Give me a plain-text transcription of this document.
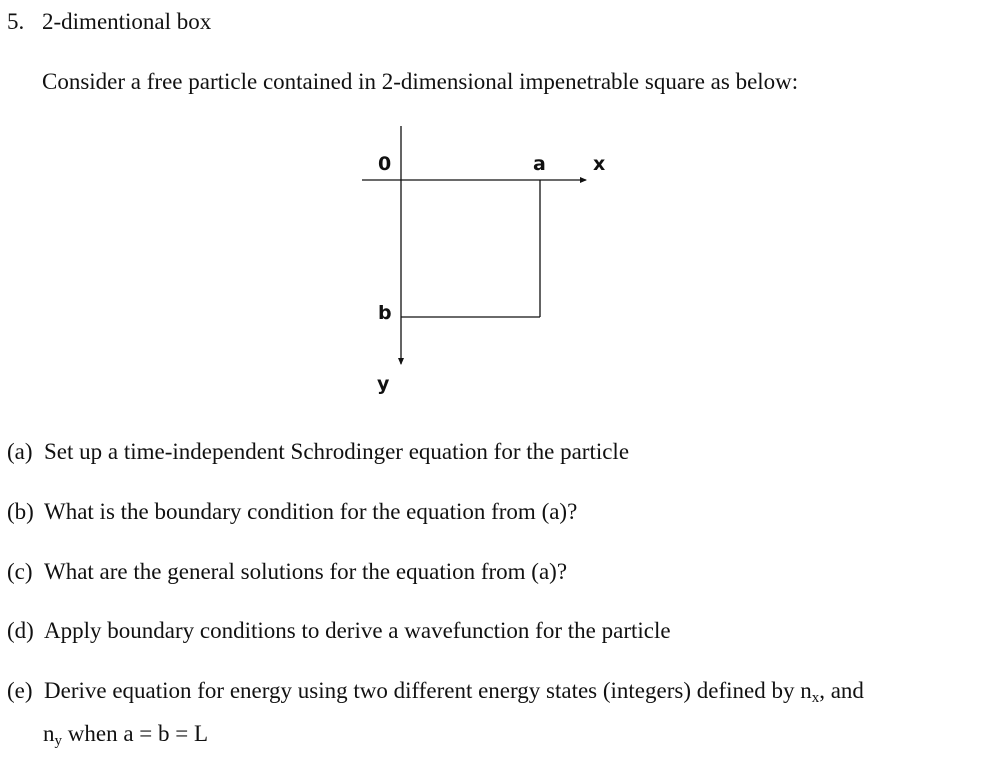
0	a x
b
y
5. 2-dimentional box
Consider a free particle contained in 2-dimensional impenetrable square as below:
(a) Set up a time-independent Schrodinger equation for the particle
(b) What is the boundary condition for the equation from (a)?
(c) What are the general solutions for the equation from (a)?
(d) Apply boundary conditions to derive a wavefunction for the particle
(e) Derive equation for energy using two different energy states (integers) defined by $n_x$, and
$n_y$ when a = b = L
